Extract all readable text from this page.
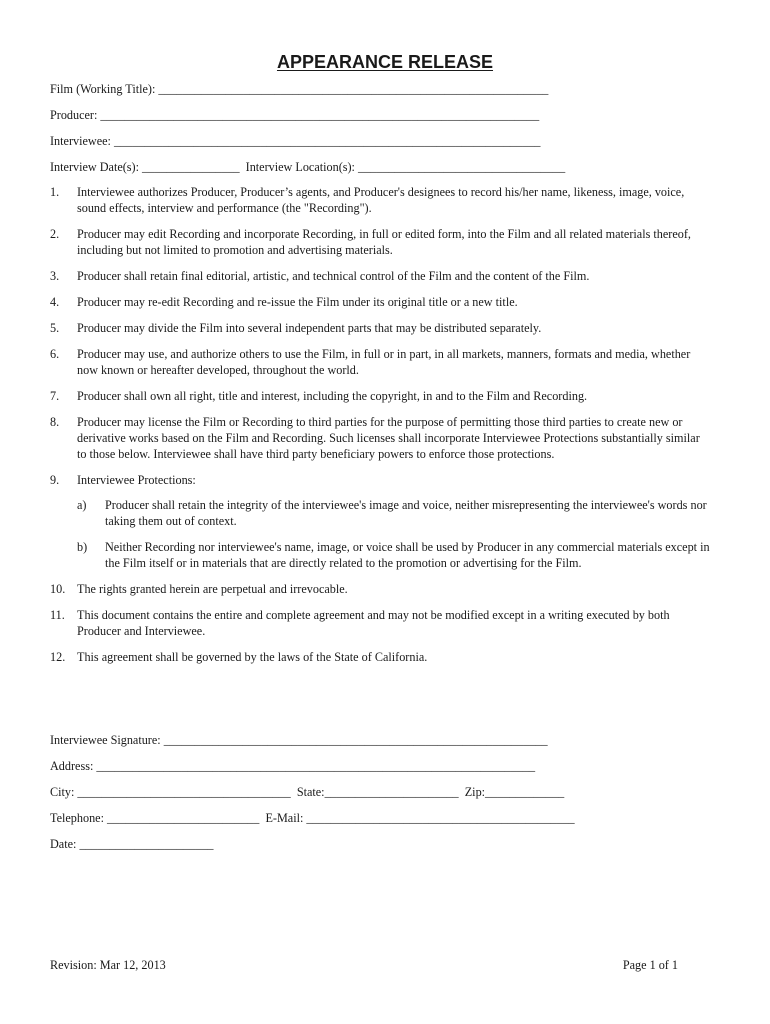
APPEARANCE RELEASE
Film (Working Title): ________________________________________________________________
Producer: ________________________________________________________________________
Interviewee: ______________________________________________________________________
Interview Date(s): ________________  Interview Location(s): __________________________________
1.	Interviewee authorizes Producer, Producer’s agents, and Producer's designees to record his/her name, likeness, image, voice, sound effects, interview and performance (the "Recording").
2.	Producer may edit Recording and incorporate Recording, in full or edited form, into the Film and all related materials thereof, including but not limited to promotion and advertising materials.
3.	Producer shall retain final editorial, artistic, and technical control of the Film and the content of the Film.
4.	Producer may re-edit Recording and re-issue the Film under its original title or a new title.
5.	Producer may divide the Film into several independent parts that may be distributed separately.
6.	Producer may use, and authorize others to use the Film, in full or in part, in all markets, manners, formats and media, whether now known or hereafter developed, throughout the world.
7.	Producer shall own all right, title and interest, including the copyright, in and to the Film and Recording.
8.	Producer may license the Film or Recording to third parties for the purpose of permitting those third parties to create new or derivative works based on the Film and Recording. Such licenses shall incorporate Interviewee Protections substantially similar to those below. Interviewee shall have third party beneficiary powers to enforce those protections.
9.	Interviewee Protections:
a)	Producer shall retain the integrity of the interviewee's image and voice, neither misrepresenting the interviewee's words nor taking them out of context.
b)	Neither Recording nor interviewee's name, image, or voice shall be used by Producer in any commercial materials except in the Film itself or in materials that are directly related to the promotion or advertising for the Film.
10. The rights granted herein are perpetual and irrevocable.
11.	This document contains the entire and complete agreement and may not be modified except in a writing executed by both Producer and Interviewee.
12. This agreement shall be governed by the laws of the State of California.
Interviewee Signature: _______________________________________________________________
Address: ________________________________________________________________________
City: ___________________________________  State:______________________  Zip:_____________
Telephone: _________________________  E-Mail: ____________________________________________
Date: ______________________
Revision: Mar 12, 2013	Page 1 of 1
